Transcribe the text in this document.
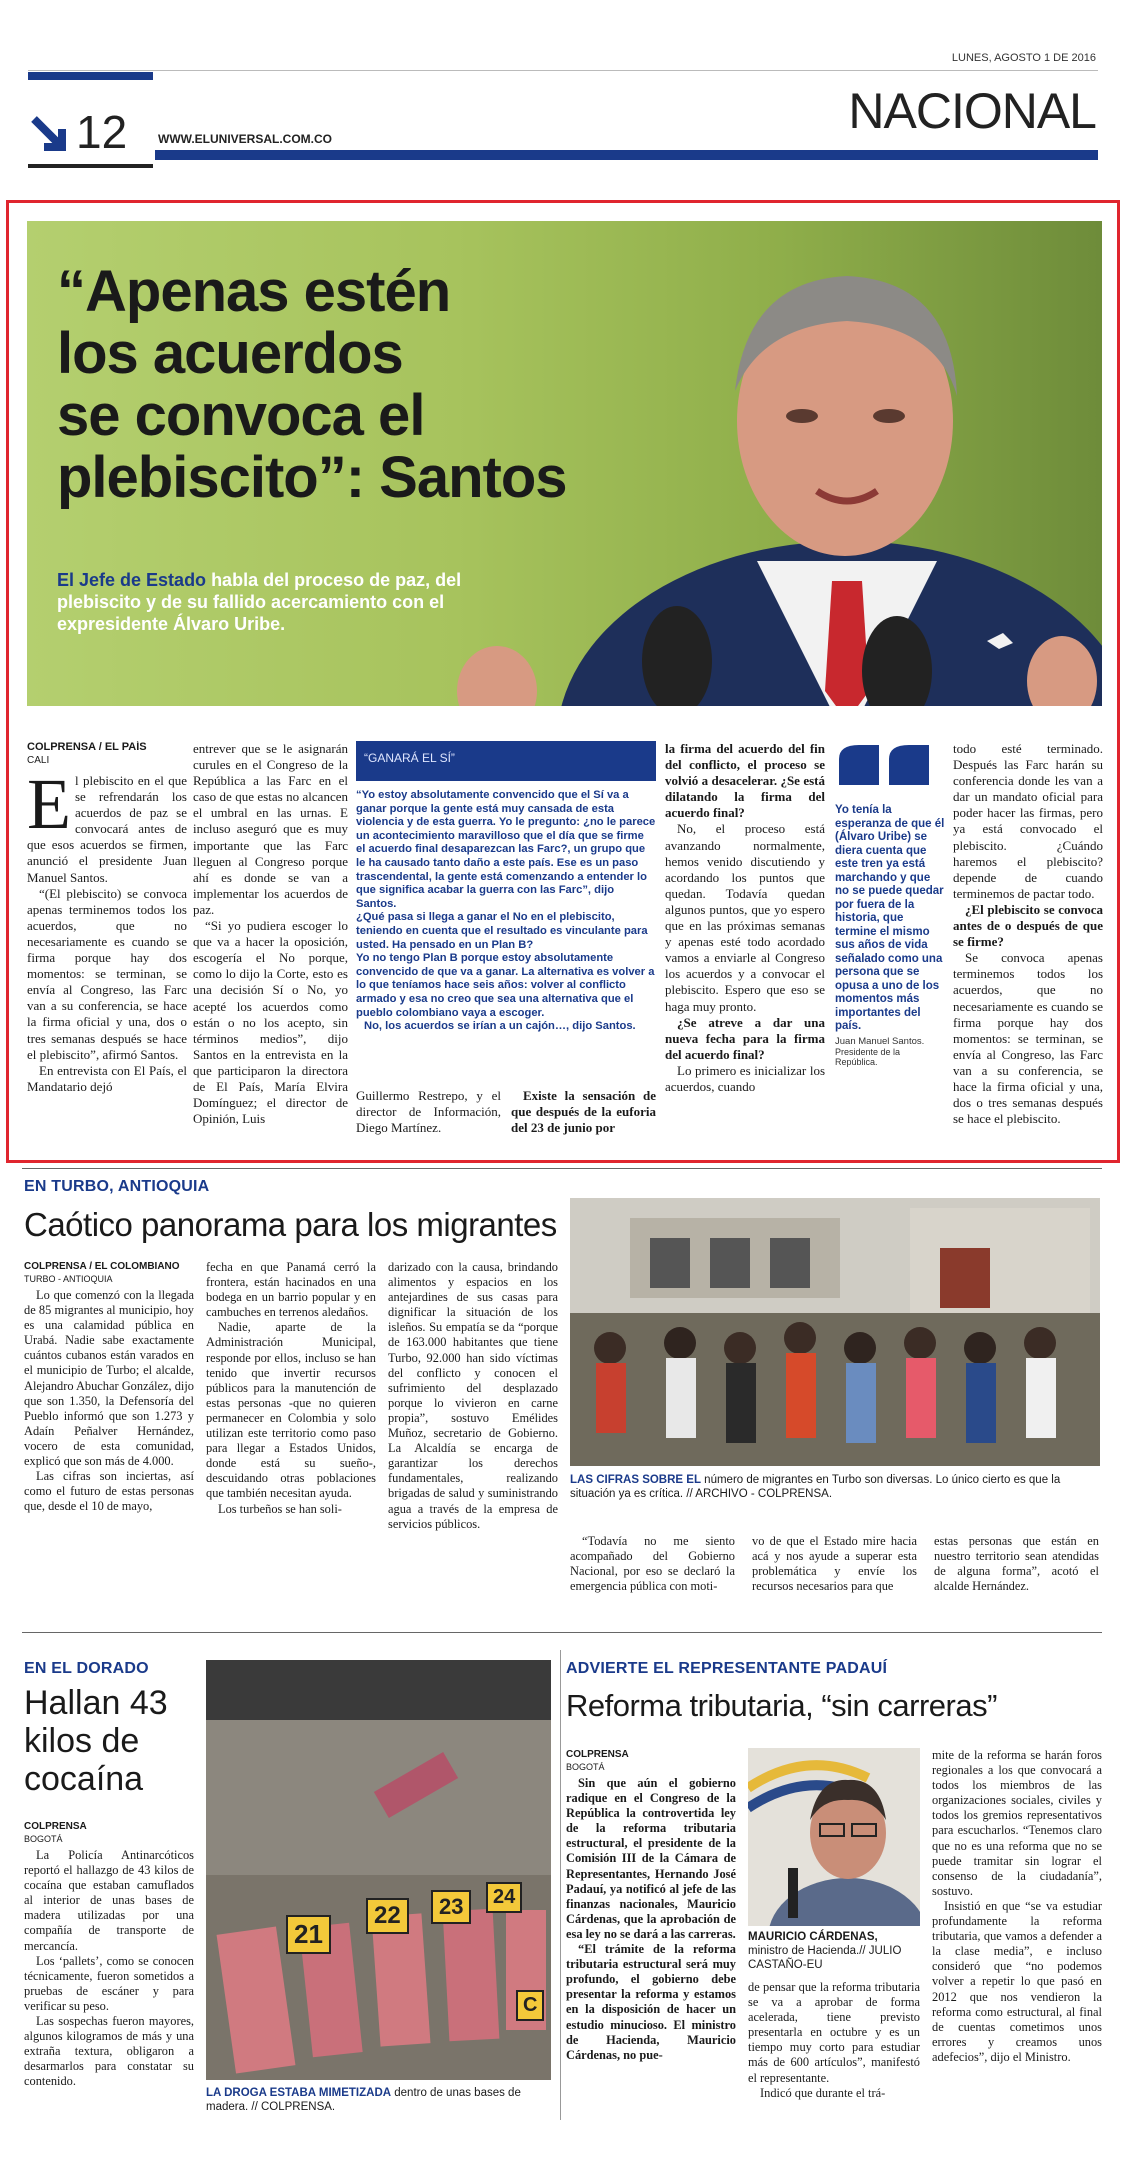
LUNES, AGOSTO 1 DE 2016
12	WWW.ELUNIVERSAL.COM.CO	NACIONAL
“Apenas estén
los acuerdos
se convoca el
plebiscito”: Santos
El Jefe de Estado habla del proceso de paz, del plebiscito y de su fallido acercamiento con el expresidente Álvaro Uribe.
COLPRENSA / EL PAÍS
CALI
E l plebiscito en el que se refrendarán los acuerdos de paz se convocará antes de que esos acuerdos se firmen, anunció el presidente Juan Manuel Santos.

“(El plebiscito) se convoca apenas terminemos todos los acuerdos, que no necesariamente es cuando se firma porque hay dos momentos: se terminan, se envía al Congreso, las Farc van a su conferencia, se hace la firma oficial y una, dos o tres semanas después se hace el plebiscito”, afirmó Santos.

En entrevista con El País, el Mandatario dejó

entrever que se le asignarán curules en el Congreso de la República a las Farc en el caso de que estas no alcancen el umbral en las urnas. E incluso aseguró que es muy importante que las Farc lleguen al Congreso porque ahí es donde se van a implementar los acuerdos de paz.

“Si yo pudiera escoger lo que va a hacer la oposición, escogería el No porque, como lo dijo la Corte, esto es una decisión Sí o No, yo acepté los acuerdos como están o no los acepto, sin términos medios”, dijo Santos en la entrevista en la que participaron la directora de El País, María Elvira Domínguez; el director de Opinión, Luis

“GANARÁ EL SÍ”

“Yo estoy absolutamente convencido que el Sí va a ganar porque la gente está muy cansada de esta violencia y de esta guerra. Yo le pregunto: ¿no le parece un acontecimiento maravilloso que el día que se firme el acuerdo final desaparezcan las Farc?, un grupo que le ha causado tanto daño a este país. Ese es un paso trascendental, la gente está comenzando a entender lo que significa acabar la guerra con las Farc”, dijo Santos.

¿Qué pasa si llega a ganar el No en el plebiscito, teniendo en cuenta que el resultado es vinculante para usted. Ha pensado en un Plan B?

Yo no tengo Plan B porque estoy absolutamente convencido de que va a ganar. La alternativa es volver a lo que teníamos hace seis años: volver al conflicto armado y esa no creo que sea una alternativa que el pueblo colombiano vaya a escoger.

No, los acuerdos se irían a un cajón…, dijo Santos.

Guillermo Restrepo, y el director de Información, Diego Martínez.
Existe la sensación de que después de la euforia del 23 de junio por

la firma del acuerdo del fin del conflicto, el proceso se volvió a desacelerar. ¿Se está dilatando la firma del acuerdo final?

No, el proceso está avanzando normalmente, hemos venido discutiendo y acordando los puntos que quedan. Todavía quedan algunos puntos, que yo espero que en las próximas semanas y apenas esté todo acordado vamos a enviarle al Congreso los acuerdos y a convocar el plebiscito. Espero que eso se haga muy pronto.

¿Se atreve a dar una nueva fecha para la firma del acuerdo final?

Lo primero es inicializar los acuerdos, cuando

Yo tenía la esperanza de que él (Álvaro Uribe) se diera cuenta que este tren ya está marchando y que no se puede quedar por fuera de la historia, que termine el mismo sus años de vida señalado como una persona que se opusa a uno de los momentos más importantes del país.
Juan Manuel Santos.
Presidente de la República.

todo esté terminado. Después las Farc harán su conferencia donde les van a dar un mandato oficial para poder hacer las firmas, pero ya está convocado el plebiscito. ¿Cuándo haremos el plebiscito? depende de cuando terminemos de pactar todo.

¿El plebiscito se convoca antes de o después de que se firme?

Se convoca apenas terminemos todos los acuerdos, que no necesariamente es cuando se firma porque hay dos momentos: se terminan, se envía al Congreso, las Farc van a su conferencia, se hace la firma oficial y una, dos o tres semanas después se hace el plebiscito.

EN TURBO, ANTIOQUIA
Caótico panorama para los migrantes
COLPRENSA / EL COLOMBIANO
TURBO - ANTIOQUIA

Lo que comenzó con la llegada de 85 migrantes al municipio, hoy es una calamidad pública en Urabá. Nadie sabe exactamente cuántos cubanos están varados en el municipio de Turbo; el alcalde, Alejandro Abuchar González, dijo que son 1.350, la Defensoría del Pueblo informó que son 1.273 y Adaín Peñalver Hernández, vocero de esta comunidad, explicó que son más de 4.000.

Las cifras son inciertas, así como el futuro de estas personas que, desde el 10 de mayo,

fecha en que Panamá cerró la frontera, están hacinados en una bodega en un barrio popular y en cambuches en terrenos aledaños.

Nadie, aparte de la Administración Municipal, responde por ellos, incluso se han tenido que invertir recursos públicos para la manutención de estas personas -que no quieren permanecer en Colombia y solo utilizan este territorio como paso para llegar a Estados Unidos, donde está su sueño-, descuidando otras poblaciones que también necesitan ayuda.

Los turbeños se han soli-

darizado con la causa, brindando alimentos y espacios en los antejardines de sus casas para dignificar la situación de los isleños. Su empatía se da “porque de 163.000 habitantes que tiene Turbo, 92.000 han sido víctimas del conflicto y conocen el sufrimiento del desplazado porque lo vivieron en carne propia”, sostuvo Emélides Muñoz, secretario de Gobierno. La Alcaldía se encarga de garantizar los derechos fundamentales, realizando brigadas de salud y suministrando agua a través de la empresa de servicios públicos.

LAS CIFRAS SOBRE EL número de migrantes en Turbo son diversas. Lo único cierto es que la situación ya es crítica. // ARCHIVO - COLPRENSA.
“Todavía no me siento acompañado del Gobierno Nacional, por eso se declaró la emergencia pública con moti-
vo de que el Estado mire hacia acá y nos ayude a superar esta problemática y envíe los recursos necesarios para que
estas personas que están en nuestro territorio sean atendidas de alguna forma”, acotó el alcalde Hernández.
EN EL DORADO
Hallan 43
kilos de
cocaína
COLPRENSA
BOGOTÁ

La Policía Antinarcóticos reportó el hallazgo de 43 kilos de cocaína que estaban camuflados al interior de unas bases de madera utilizadas por una compañía de transporte de mercancía.

Los ‘pallets’, como se conocen técnicamente, fueron sometidos a pruebas de escáner y para verificar su peso.

Las sospechas fueron mayores, algunos kilogramos de más y una extraña textura, obligaron a desarmarlos para constatar su contenido.

21
22	23	24
C
LA DROGA ESTABA MIMETIZADA dentro de unas bases de madera. // COLPRENSA.
ADVIERTE EL REPRESENTANTE PADAUÍ
Reforma tributaria, “sin carreras”
COLPRENSA
BOGOTÁ

Sin que aún el gobierno radique en el Congreso de la República la controvertida ley de la reforma tributaria estructural, el presidente de la Comisión III de la Cámara de Representantes, Hernando José Padauí, ya notificó al jefe de las finanzas nacionales, Mauricio Cárdenas, que la aprobación de esa ley no se dará a las carreras.

“El trámite de la reforma tributaria estructural será muy profundo, el gobierno debe presentar la reforma y estamos en la disposición de hacer un estudio minucioso. El ministro de Hacienda, Mauricio Cárdenas, no pue-

MAURICIO CÁRDENAS, ministro de Hacienda.// JULIO CASTAÑO-EU

de pensar que la reforma tributaria se va a aprobar de forma acelerada, tiene previsto presentarla en octubre y es un tiempo muy corto para estudiar más de 600 artículos”, manifestó el representante.

Indicó que durante el trá-

mite de la reforma se harán foros regionales a los que convocará a todos los miembros de las organizaciones sociales, civiles y todos los gremios representativos para escucharlos. “Tenemos claro que no es una reforma que no se puede tramitar sin lograr el consenso de la ciudadanía”, sostuvo.

Insistió en que “se va estudiar profundamente la reforma tributaria, que vamos a defender a la clase media”, e incluso consideró que “no podemos volver a repetir lo que pasó en 2012 que nos vendieron la reforma como estructural, al final de cuentas cometimos unos errores y creamos unos adefecios”, dijo el Ministro.
